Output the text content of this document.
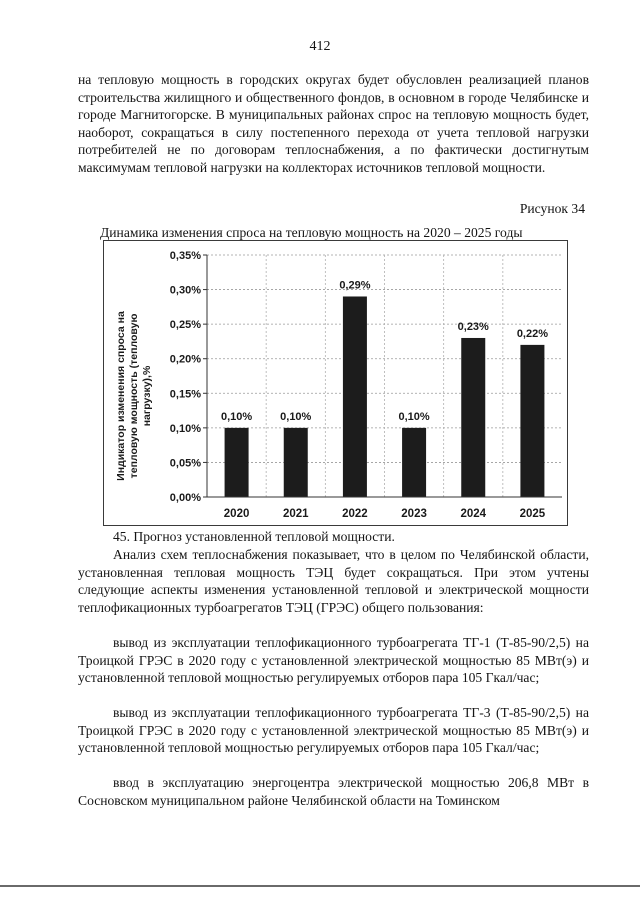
412

на тепловую мощность в городских округах будет обусловлен реализацией планов строительства жилищного и общественного фондов, в основном в городе Челябинске и городе Магнитогорске. В муниципальных районах спрос на тепловую мощность будет, наоборот, сокращаться в силу постепенного перехода от учета тепловой нагрузки потребителей не по договорам теплоснабжения, а по фактически достигнутым максимумам тепловой нагрузки на коллекторах источников тепловой мощности.

Рисунок 34
Динамика изменения спроса на тепловую мощность на 2020 – 2025 годы
0,10%	0,10%
0,29%
0,10%
0,23%
0,22%
0,00%
0,05%
0,10%
0,15%
0,20%
0,25%
0,30%
0,35%
2020	2021	2022	2023	2024	2025
Индикатор изменения спроса на тепловую мощность (тепловую нагрузку),%

45. Прогноз установленной тепловой мощности.

Анализ схем теплоснабжения показывает, что в целом по Челябинской области, установленная тепловая мощность ТЭЦ будет сокращаться. При этом учтены следующие аспекты изменения установленной тепловой и электрической мощности теплофикационных турбоагрегатов ТЭЦ (ГРЭС) общего пользования:

вывод из эксплуатации теплофикационного турбоагрегата ТГ-1 (Т-85-90/2,5) на Троицкой ГРЭС в 2020 году с установленной электрической мощностью 85 МВт(э) и установленной тепловой мощностью регулируемых отборов пара 105 Гкал/час;

вывод из эксплуатации теплофикационного турбоагрегата ТГ-3 (Т-85-90/2,5) на Троицкой ГРЭС в 2020 году с установленной электрической мощностью 85 МВт(э) и установленной тепловой мощностью регулируемых отборов пара 105 Гкал/час;

ввод в эксплуатацию энергоцентра электрической мощностью 206,8 МВт в Сосновском муниципальном районе Челябинской области на Томинском
